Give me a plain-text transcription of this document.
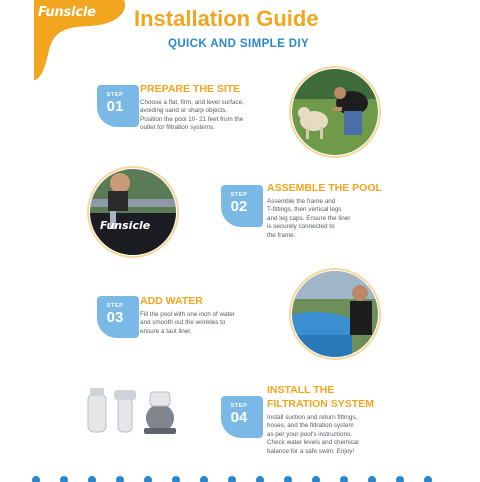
Funsicle Installation Guide
QUICK AND SIMPLE DIY
STEP
01
PREPARE THE SITE
Choose a flat, firm, and level surface,
avoiding sand or sharp objects.
Position the pool 10- 21 feet from the
outlet for filtration systems.
Funsicle
STEP
02
ASSEMBLE THE POOL
Assemble the frame and
T-fittings, then vertical legs
and leg caps. Ensure the liner
is securely connected to
the frame.
STEP
03
ADD WATER
Fill the pool with one inch of water
and smooth out the wrinkles to
ensure a taut liner.
STEP
04
INSTALL THE
FILTRATION SYSTEM
Install suction and return fittings,
hoses, and the filtration system
as per your pool's instructions.
Check water levels and chemical
balance for a safe swim. Enjoy!
